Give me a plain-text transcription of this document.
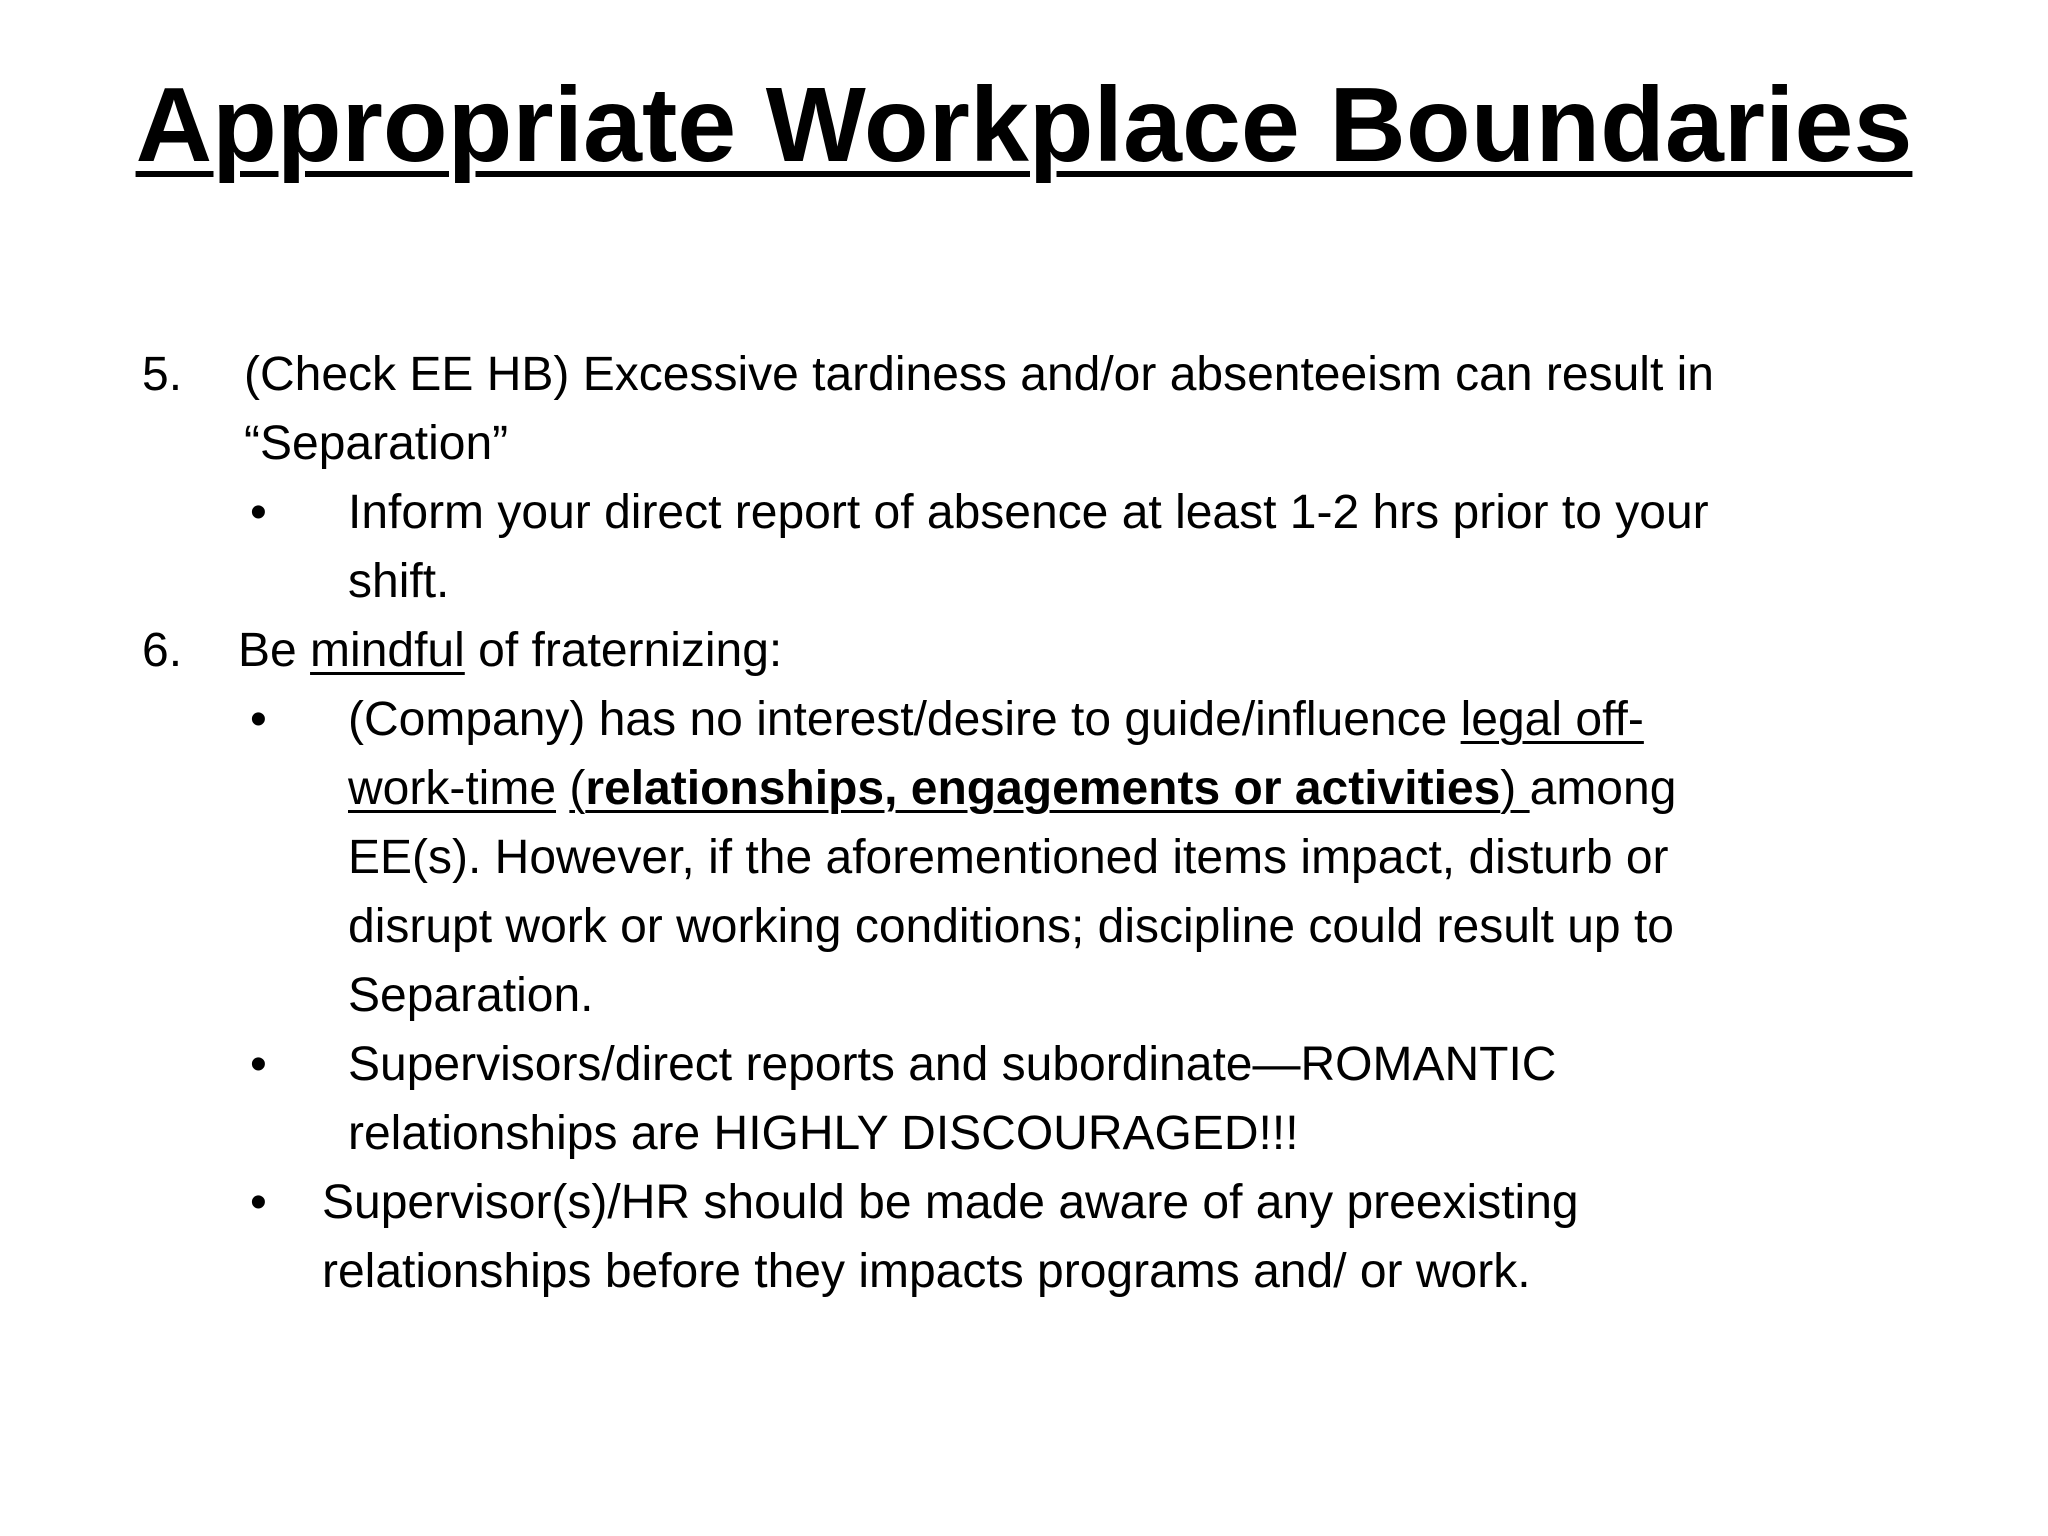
Appropriate Workplace Boundaries
5. (Check EE HB) Excessive tardiness and/or absenteeism can result in
“Separation”
• Inform your direct report of absence at least 1-2 hrs prior to your
shift.
6. Be mindful of fraternizing:
• (Company) has no interest/desire to guide/influence legal off-
work-time (relationships, engagements or activities) among
EE(s). However, if the aforementioned items impact, disturb or
disrupt work or working conditions; discipline could result up to
Separation.
• Supervisors/direct reports and subordinate—ROMANTIC
relationships are HIGHLY DISCOURAGED!!!
• Supervisor(s)/HR should be made aware of any preexisting
relationships before they impacts programs and/ or work.
